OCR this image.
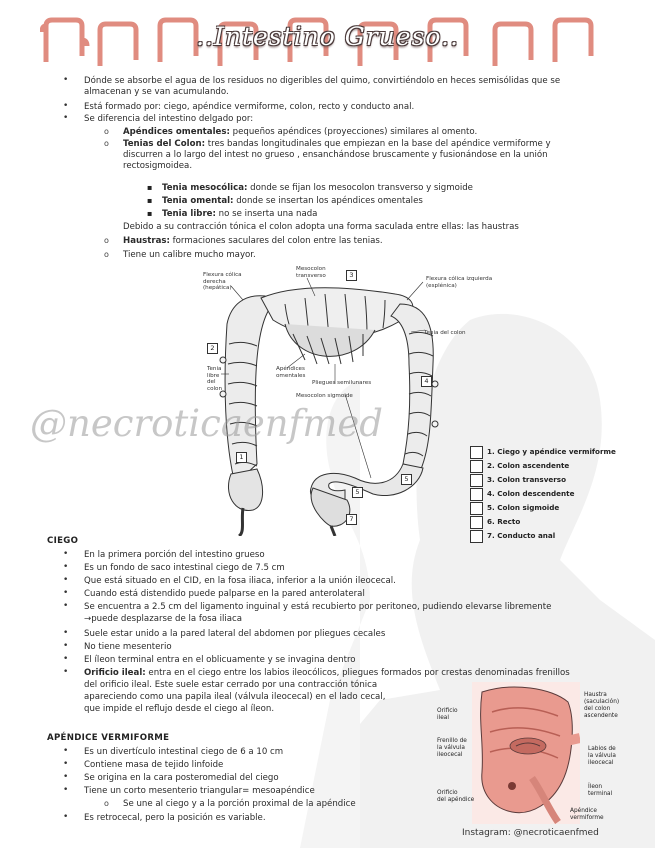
..Intestino Grueso..
• Dónde se absorbe el agua de los residuos no digeribles del quimo, convirtiéndolo en heces semisólidas que se
almacenan y se van acumulando.
• Está formado por: ciego, apéndice vermiforme, colon, recto y conducto anal.
• Se diferencia del intestino delgado por:
o Apéndices omentales: pequeños apéndices (proyecciones) similares al omento.
o Tenias del Colon: tres bandas longitudinales que empiezan en la base del apéndice vermiforme y
discurren a lo largo del intest no grueso , ensanchándose bruscamente y fusionándose en la unión
rectosigmoidea.
▪ Tenia mesocólica: donde se fijan los mesocolon transverso y sigmoide
▪ Tenia omental: donde se insertan los apéndices omentales
▪ Tenia libre: no se inserta una nada
Debido a su contracción tónica el colon adopta una forma saculada entre ellas: las haustras
o Haustras: formaciones saculares del colon entre las tenias.
o Tiene un calibre mucho mayor.
Flexura cólica
derecha
(hepática)
Mesocolon
transverso
Flexura cólica izquierda
(esplénica)
Tenia del colon
Tenia
libre
del
colon
Apéndices
omentales
Pliegues semilunares
Mesocolon sigmoide
3
2
4
1
5
5
7
1. Ciego y apéndice vermiforme
2. Colon ascendente
3. Colon transverso
4. Colon descendente
5. Colon sigmoide
6. Recto
7. Conducto anal
@necroticaenfmed
CIEGO
• En la primera porción del intestino grueso
• Es un fondo de saco intestinal ciego de 7.5 cm
• Que está situado en el CID, en la fosa iliaca, inferior a la unión ileocecal.
• Cuando está distendido puede palparse en la pared anterolateral
• Se encuentra a 2.5 cm del ligamento inguinal y está recubierto por peritoneo, pudiendo elevarse libremente
→puede desplazarse de la fosa iliaca
• Suele estar unido a la pared lateral del abdomen por pliegues cecales
• No tiene mesenterio
• El íleon terminal entra en el oblicuamente y se invagina dentro
• Orificio ileal: entra en el ciego entre los labios ileocólicos, pliegues formados por crestas denominadas frenillos
del orificio ileal. Este suele estar cerrado por una contracción tónica
apareciendo como una papila ileal (válvula ileocecal) en el lado cecal,
que impide el reflujo desde el ciego al íleon.
APÉNDICE VERMIFORME
• Es un divertículo intestinal ciego de 6 a 10 cm
• Contiene masa de tejido linfoide
• Se origina en la cara posteromedial del ciego
• Tiene un corto mesenterio triangular= mesoapéndice
o Se une al ciego y a la porción proximal de la apéndice
• Es retrocecal, pero la posición es variable.
Orificio
ileal
Frenillo de
la válvula
ileocecal
Orificio
del apéndice
Haustra
(saculación)
del colon
ascendente
Labios de
la válvula
ileocecal
Íleon
terminal
Apéndice
vermiforme
Instagram: @necroticaenfmed
